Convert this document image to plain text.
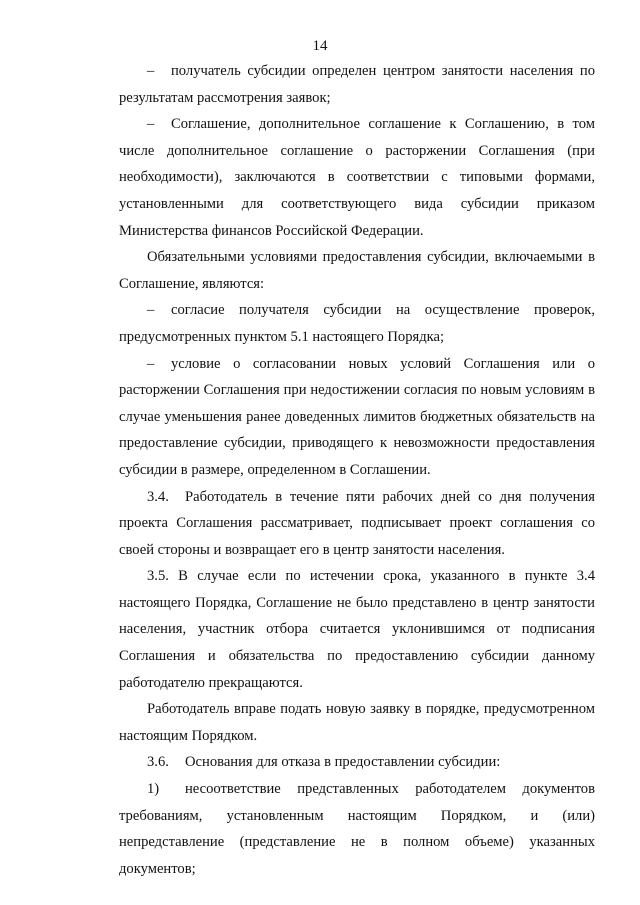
14

– получатель субсидии определен центром занятости населения по результатам рассмотрения заявок;

– Соглашение, дополнительное соглашение к Соглашению, в том числе дополнительное соглашение о расторжении Соглашения (при необходимости), заключаются в соответствии с типовыми формами, установленными для соответствующего вида субсидии приказом Министерства финансов Российской Федерации.

Обязательными условиями предоставления субсидии, включаемыми в Соглашение, являются:

– согласие получателя субсидии на осуществление проверок, предусмотренных пунктом 5.1 настоящего Порядка;

– условие о согласовании новых условий Соглашения или о расторжении Соглашения при недостижении согласия по новым условиям в случае уменьшения ранее доведенных лимитов бюджетных обязательств на предоставление субсидии, приводящего к невозможности предоставления субсидии в размере, определенном в Соглашении.

3.4. Работодатель в течение пяти рабочих дней со дня получения проекта Соглашения рассматривает, подписывает проект соглашения со своей стороны и возвращает его в центр занятости населения.

3.5. В случае если по истечении срока, указанного в пункте 3.4 настоящего Порядка, Соглашение не было представлено в центр занятости населения, участник отбора считается уклонившимся от подписания Соглашения и обязательства по предоставлению субсидии данному работодателю прекращаются.

Работодатель вправе подать новую заявку в порядке, предусмотренном настоящим Порядком.

3.6. Основания для отказа в предоставлении субсидии:

1) несоответствие представленных работодателем документов требованиям, установленным настоящим Порядком, и (или) непредставление (представление не в полном объеме) указанных документов;
